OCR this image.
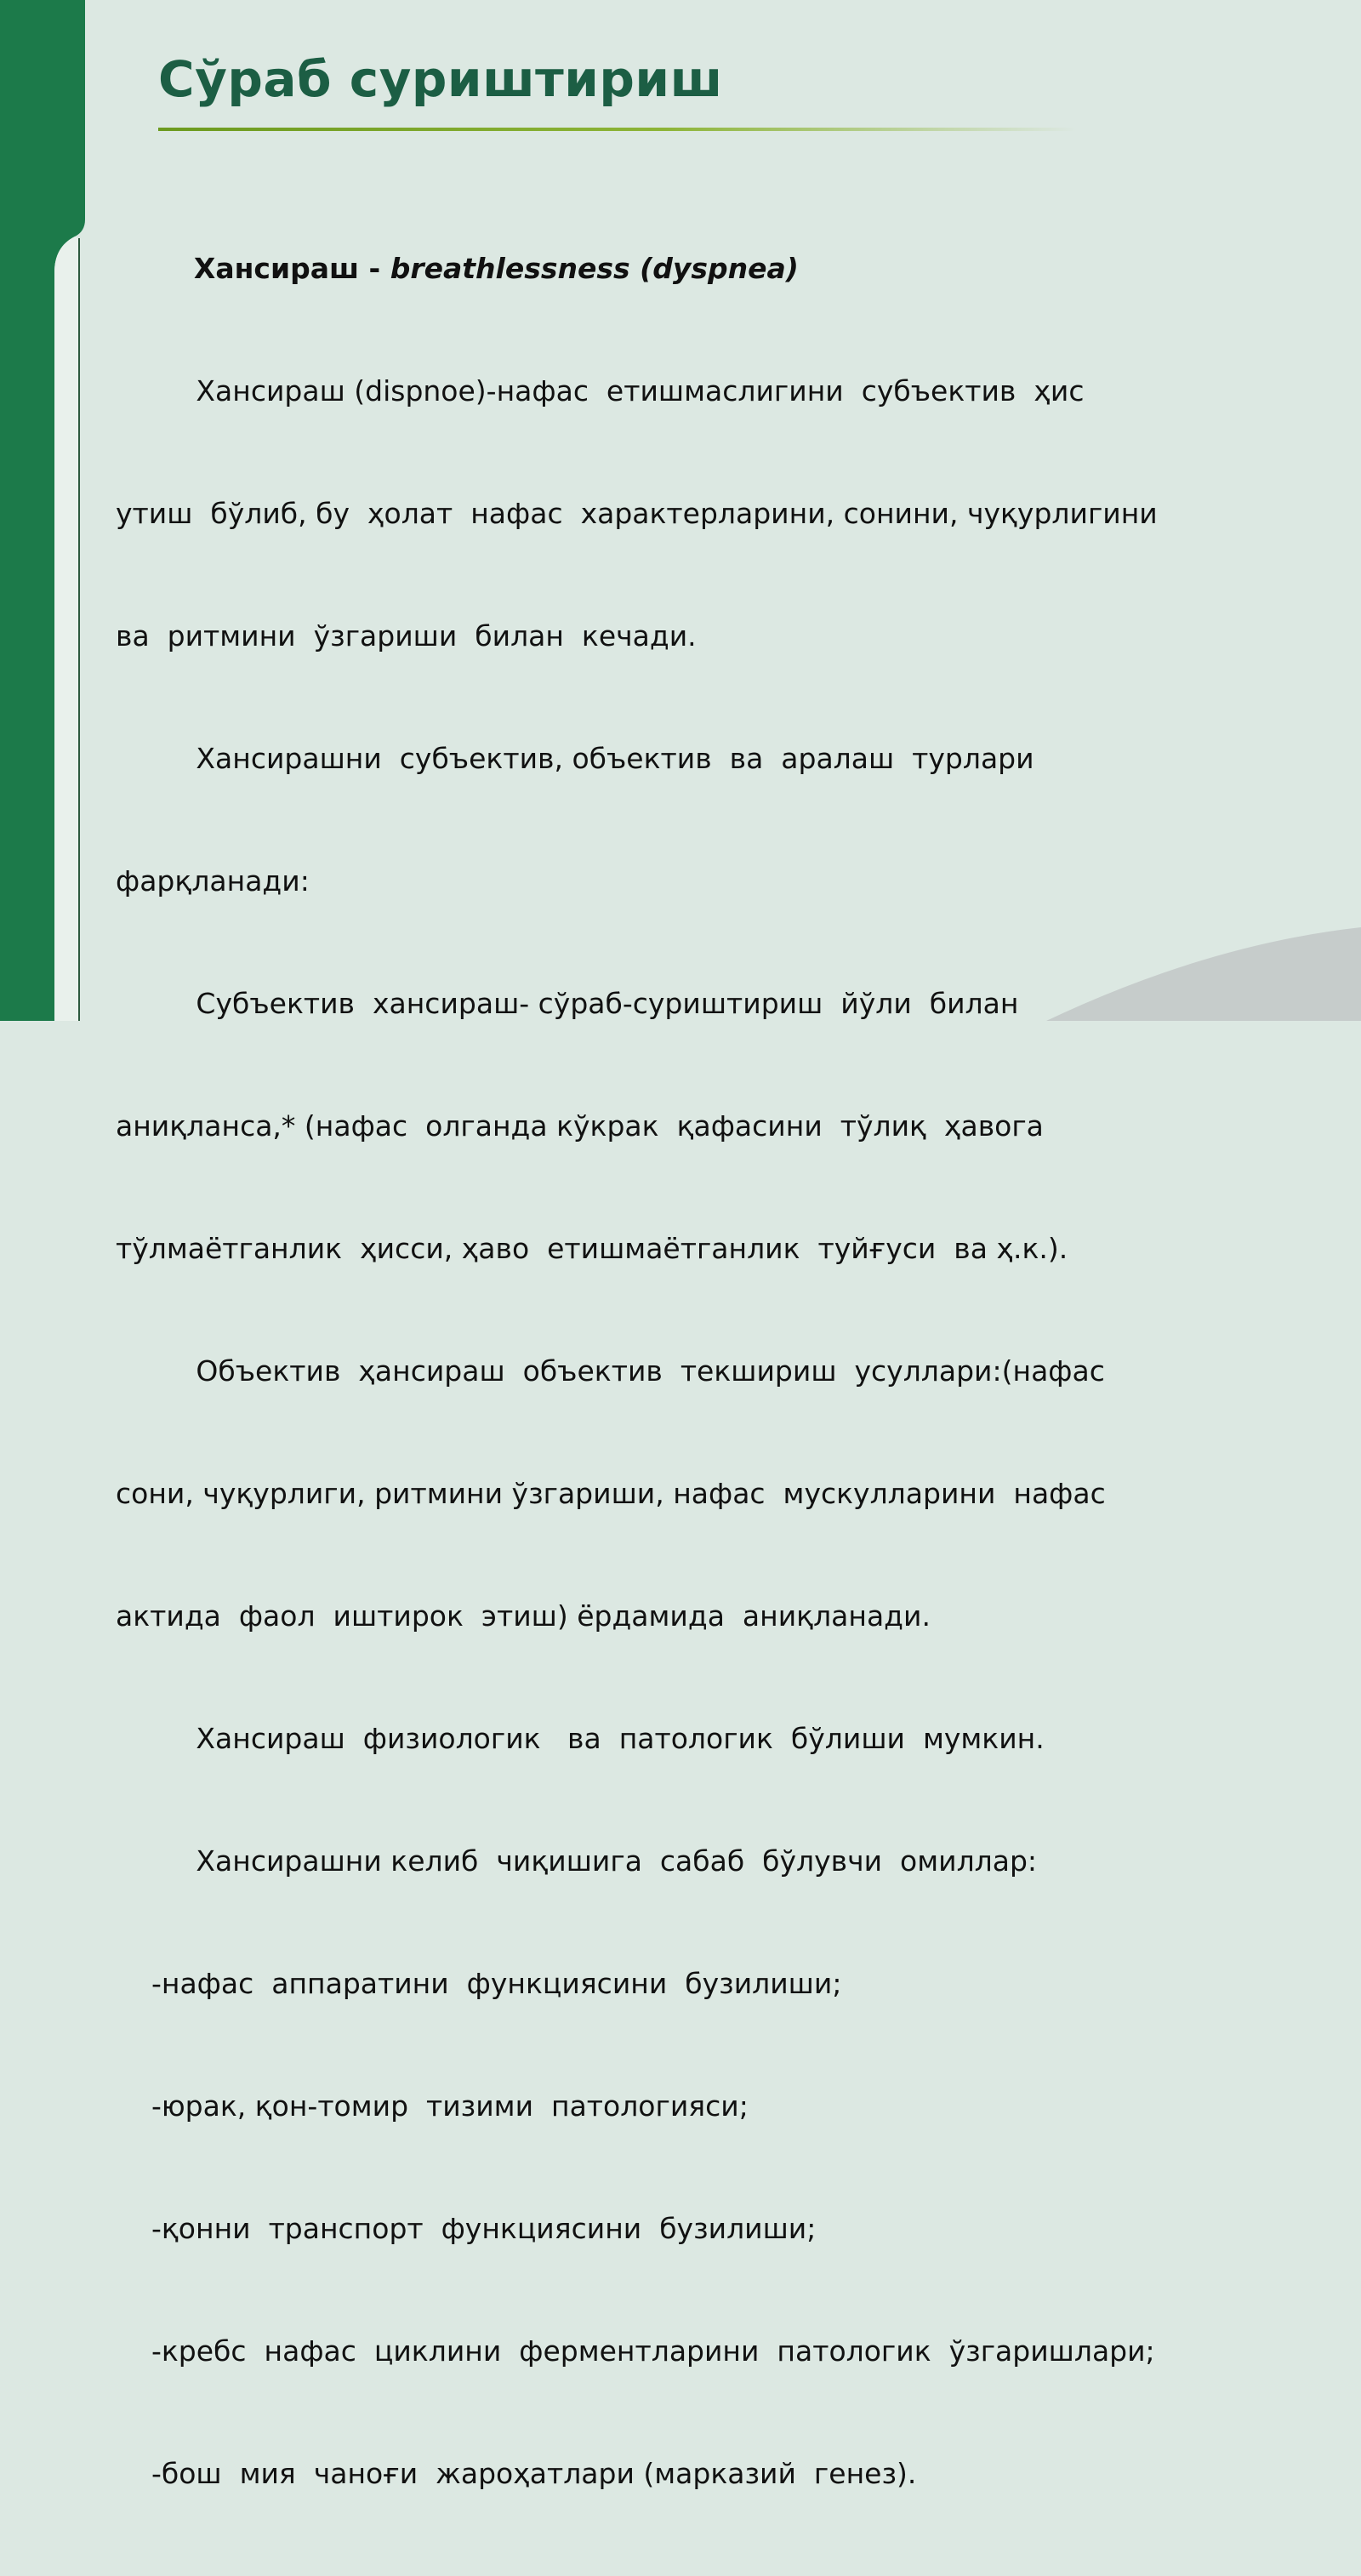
Сўраб суриштириш

Хансираш - breathlessness (dyspnea)

Хансираш (dispnoe)-нафас  етишмаслигини  субъектив  ҳис

утиш  бўлиб, бу  ҳолат  нафас  характерларини, сонини, чуқурлигини

ва  ритмини  ўзгариши  билан  кечади.

Хансирашни  субъектив, объектив  ва  аралаш  турлари

фарқланади:

Субъектив  хансираш- сўраб-суриштириш  йўли  билан

аниқланса,* (нафас  олганда кўкрак  қафасини  тўлиқ  ҳавога

тўлмаётганлик  ҳисси, ҳаво  етишмаётганлик  туйғуси  ва ҳ.к.).

Объектив  ҳансираш  объектив  текшириш  усуллари:(нафас

сони, чуқурлиги, ритмини ўзгариши, нафас  мускулларини  нафас

актида  фаол  иштирок  этиш) ёрдамида  аниқланади.

Хансираш  физиологик   ва  патологик  бўлиши  мумкин.

Хансирашни келиб  чиқишига  сабаб  бўлувчи  омиллар:

-нафас  аппаратини  функциясини  бузилиши;

-юрак, қон-томир  тизими  патологияси;

-қонни  транспорт  функциясини  бузилиши;

-кребс  нафас  циклини  ферментларини  патологик  ўзгаришлари;

-бош  мия  чаноғи  жароҳатлари (марказий  генез).
